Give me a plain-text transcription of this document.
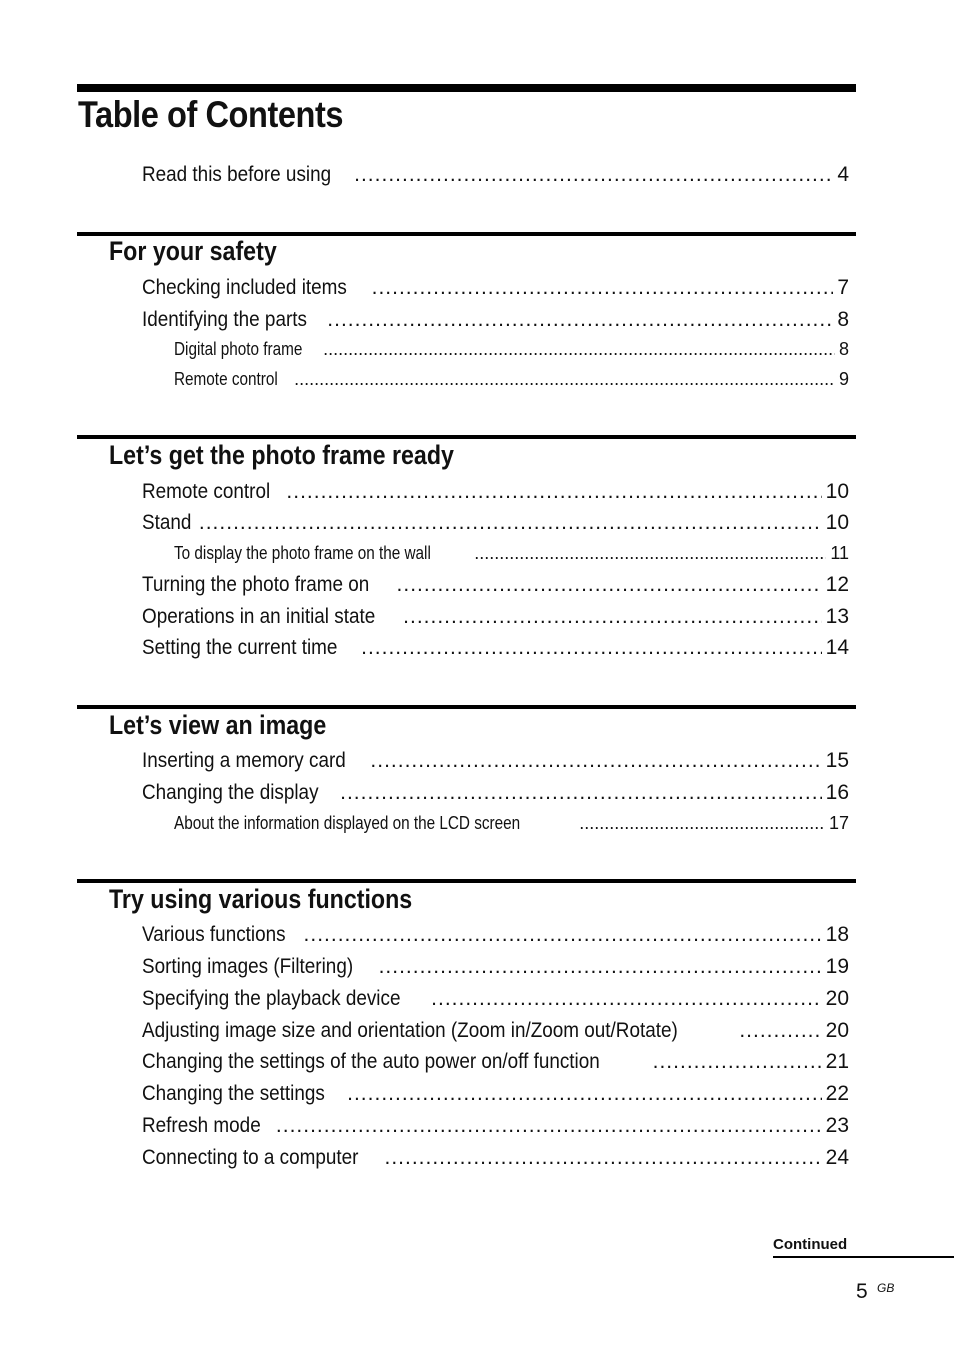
Table of Contents
Read this before using .....	4
For your safety
Checking included items .....	7
Identifying the parts .....	8
Digital photo frame .....	8
Remote control .....	9
Let’s get the photo frame ready
Remote control .....	10
Stand .....	10
To display the photo frame on the wall .....	11
Turning the photo frame on .....	12
Operations in an initial state .....	13
Setting the current time .....	14
Let’s view an image
Inserting a memory card .....	15
Changing the display .....	16
About the information displayed on the LCD screen .....	17
Try using various functions
Various functions .....	18
Sorting images (Filtering) .....	19
Specifying the playback device .....	20
Adjusting image size and orientation (Zoom in/Zoom out/Rotate) .....	20
Changing the settings of the auto power on/off function .....	21
Changing the settings .....	22
Refresh mode .....	23
Connecting to a computer .....	24
Continued
5 GB
